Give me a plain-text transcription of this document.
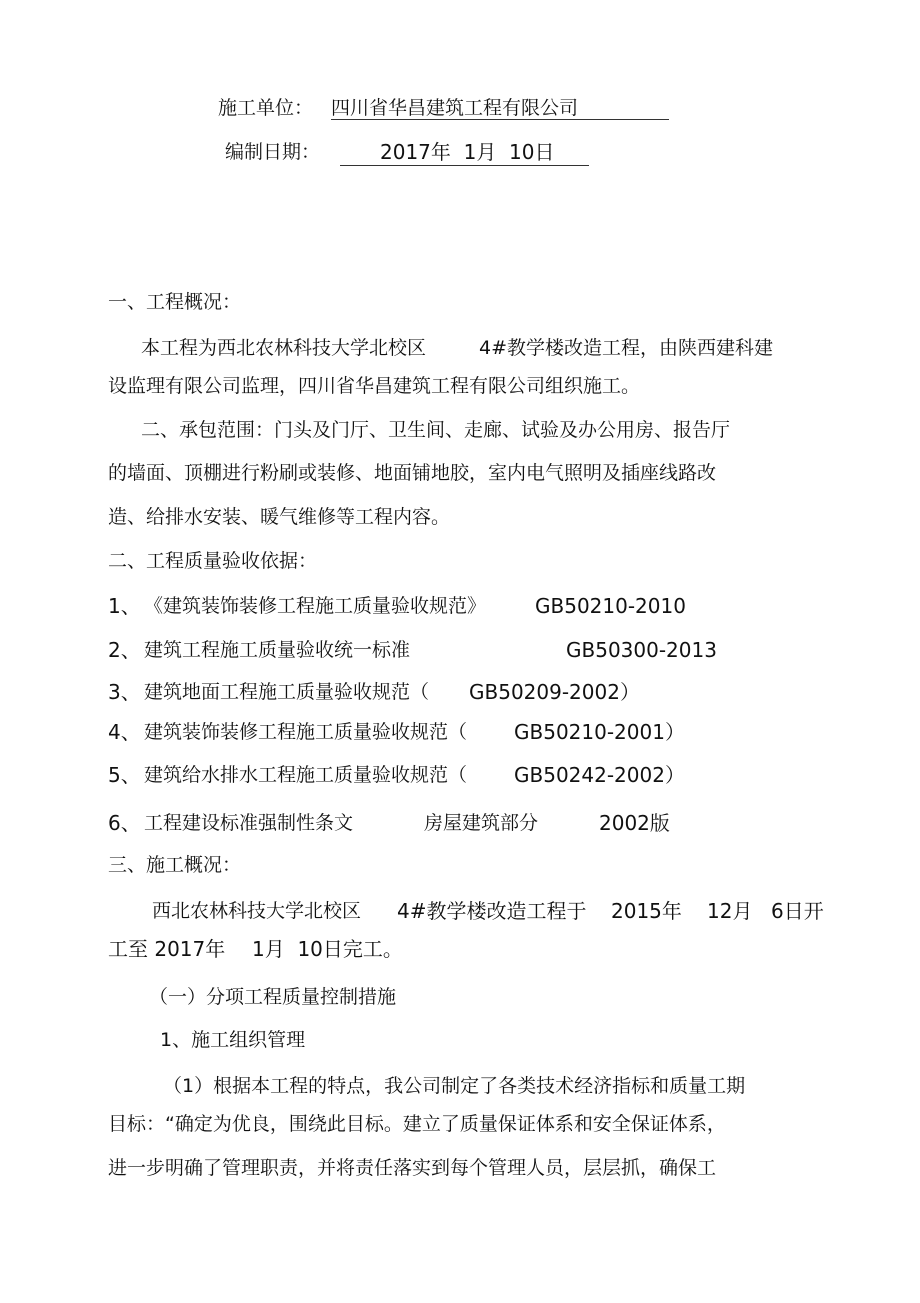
施工单位： 四川省华昌建筑工程有限公司
编制日期：	2017年  1月  10日
一、工程概况：
本工程为西北农林科技大学北校区	4#教学楼改造工程，由陕西建科建
设监理有限公司监理，四川省华昌建筑工程有限公司组织施工。
二、承包范围：门头及门厅、卫生间、走廊、试验及办公用房、报告厅
的墙面、顶棚进行粉刷或装修、地面铺地胶，室内电气照明及插座线路改
造、给排水安装、暖气维修等工程内容。
二、工程质量验收依据：
1、 《建筑装饰装修工程施工质量验收规范》 GB50210-2010
2、 建筑工程施工质量验收统一标准	GB50300-2013
3、 建筑地面工程施工质量验收规范（ GB50209-2002）
4、 建筑装饰装修工程施工质量验收规范（ GB50210-2001）
5、 建筑给水排水工程施工质量验收规范（ GB50242-2002）
6、 工程建设标准强制性条文	房屋建筑部分	2002版
三、施工概况：
西北农林科技大学北校区 4#教学楼改造工程于 2015年 12月 6日开
工至 2017年 1月  10日完工。
（一）分项工程质量控制措施
1、施工组织管理
（1）根据本工程的特点，我公司制定了各类技术经济指标和质量工期
目标：“确定为优良，围绕此目标。建立了质量保证体系和安全保证体系，
进一步明确了管理职责，并将责任落实到每个管理人员，层层抓，确保工
